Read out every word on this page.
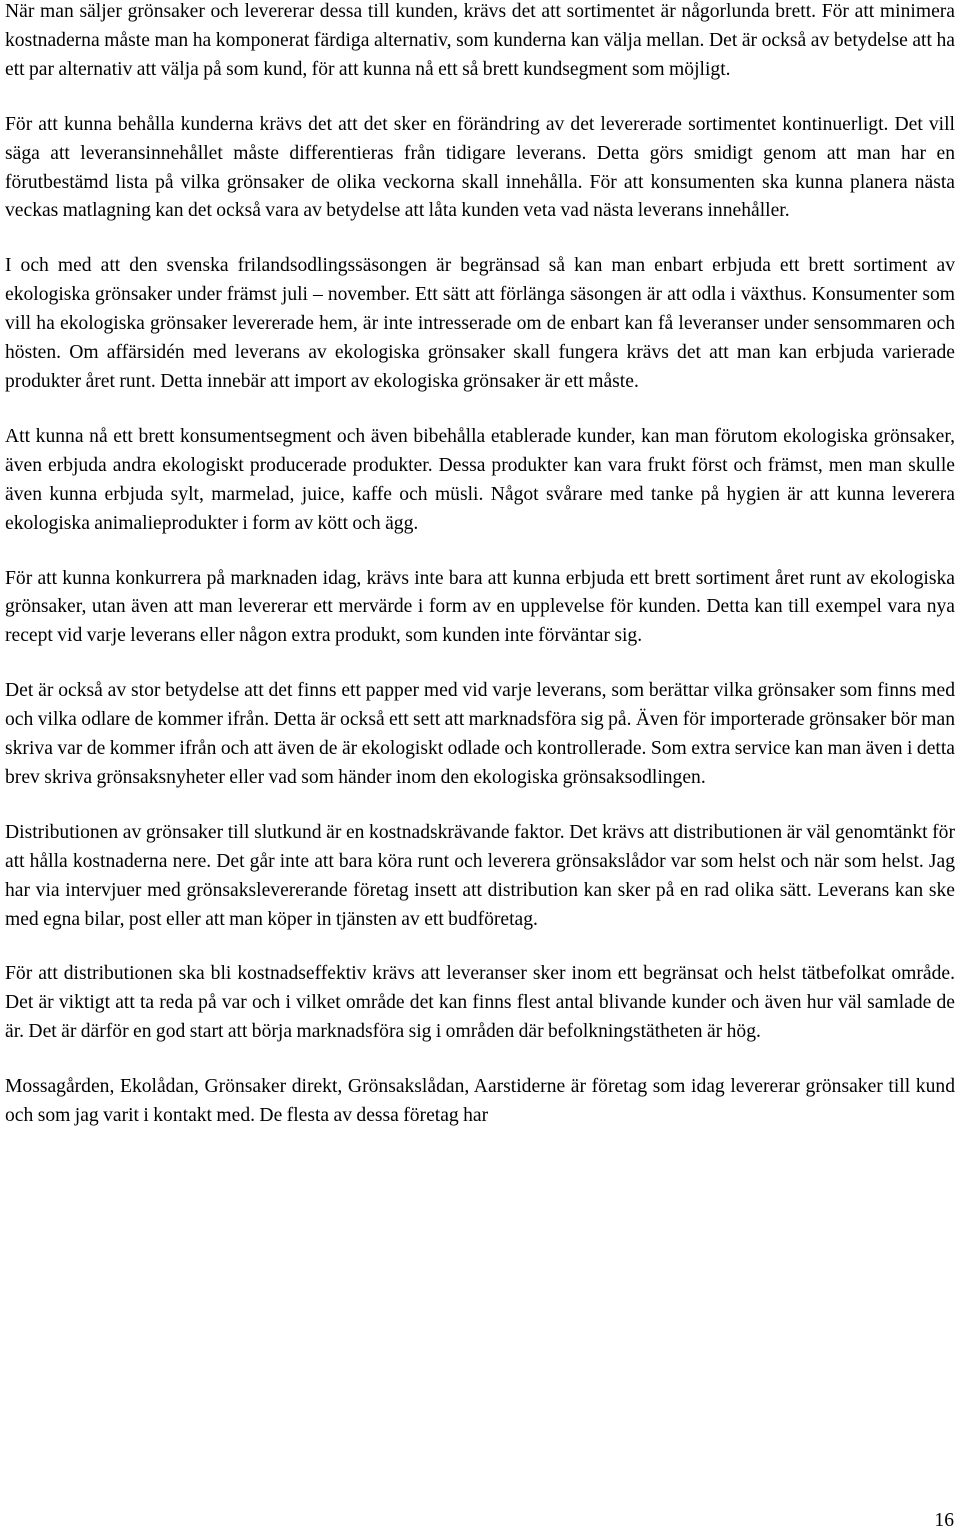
När man säljer grönsaker och levererar dessa till kunden, krävs det att sortimentet är någorlunda brett. För att minimera kostnaderna måste man ha komponerat färdiga alternativ, som kunderna kan välja mellan. Det är också av betydelse att ha ett par alternativ att välja på som kund, för att kunna nå ett så brett kundsegment som möjligt.

För att kunna behålla kunderna krävs det att det sker en förändring av det levererade sortimentet kontinuerligt. Det vill säga att leveransinnehållet måste differentieras från tidigare leverans. Detta görs smidigt genom att man har en förutbestämd lista på vilka grönsaker de olika veckorna skall innehålla. För att konsumenten ska kunna planera nästa veckas matlagning kan det också vara av betydelse att låta kunden veta vad nästa leverans innehåller.

I och med att den svenska frilandsodlingssäsongen är begränsad så kan man enbart erbjuda ett brett sortiment av ekologiska grönsaker under främst juli – november. Ett sätt att förlänga säsongen är att odla i växthus. Konsumenter som vill ha ekologiska grönsaker levererade hem, är inte intresserade om de enbart kan få leveranser under sensommaren och hösten. Om affärsidén med leverans av ekologiska grönsaker skall fungera krävs det att man kan erbjuda varierade produkter året runt. Detta innebär att import av ekologiska grönsaker är ett måste.

Att kunna nå ett brett konsumentsegment och även bibehålla etablerade kunder, kan man förutom ekologiska grönsaker, även erbjuda andra ekologiskt producerade produkter. Dessa produkter kan vara frukt först och främst, men man skulle även kunna erbjuda sylt, marmelad, juice, kaffe och müsli. Något svårare med tanke på hygien är att kunna leverera ekologiska animalieprodukter i form av kött och ägg.

För att kunna konkurrera på marknaden idag, krävs inte bara att kunna erbjuda ett brett sortiment året runt av ekologiska grönsaker, utan även att man levererar ett mervärde i form av en upplevelse för kunden. Detta kan till exempel vara nya recept vid varje leverans eller någon extra produkt, som kunden inte förväntar sig.

Det är också av stor betydelse att det finns ett papper med vid varje leverans, som berättar vilka grönsaker som finns med och vilka odlare de kommer ifrån. Detta är också ett sett att marknadsföra sig på. Även för importerade grönsaker bör man skriva var de kommer ifrån och att även de är ekologiskt odlade och kontrollerade. Som extra service kan man även i detta brev skriva grönsaksnyheter eller vad som händer inom den ekologiska grönsaksodlingen.

Distributionen av grönsaker till slutkund är en kostnadskrävande faktor. Det krävs att distributionen är väl genomtänkt för att hålla kostnaderna nere. Det går inte att bara köra runt och leverera grönsakslådor var som helst och när som helst. Jag har via intervjuer med grönsakslevererande företag insett att distribution kan sker på en rad olika sätt. Leverans kan ske med egna bilar, post eller att man köper in tjänsten av ett budföretag.

För att distributionen ska bli kostnadseffektiv krävs att leveranser sker inom ett begränsat och helst tätbefolkat område. Det är viktigt att ta reda på var och i vilket område det kan finns flest antal blivande kunder och även hur väl samlade de är. Det är därför en god start att börja marknadsföra sig i områden där befolkningstätheten är hög.

Mossagården, Ekolådan, Grönsaker direkt, Grönsakslådan, Aarstiderne är företag som idag levererar grönsaker till kund och som jag varit i kontakt med. De flesta av dessa företag har

16
